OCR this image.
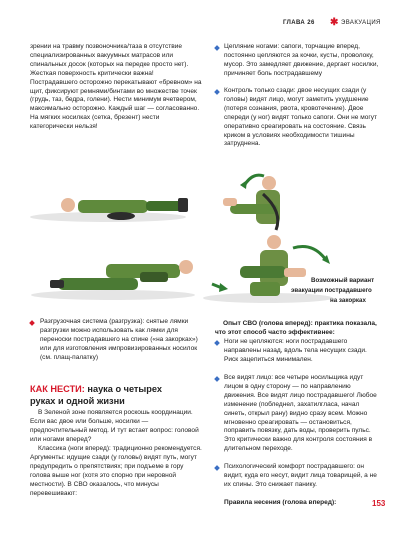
ГЛАВА 26 ✱ ЭВАКУАЦИЯ
зрении на травму позвоночника/таза в отсутствие специализированных вакуумных матрасов или спинальных досок (которых на передке просто нет). Жесткая поверхность критически важна! Пострадавшего осторожно перекатывают «бревном» на щит, фиксируют ремнями/бинтами во множестве точек (грудь, таз, бедра, голени). Нести минимум вчетвером, максимально осторожно. Каждый шаг — согласованно. На мягких носилках (сетка, брезент) нести категорически нельзя!
Цепляние ногами: сапоги, торчащие вперед, постоянно цепляются за кочки, кусты, проволоку, мусор. Это замедляет движение, дергает носилки, причиняет боль пострадавшему
Контроль только сзади: двое несущих сзади (у головы) видят лицо, могут заметить ухудшение (потеря сознания, рвота, кровотечение). Двое спереди (у ног) видят только сапоги. Они не могут оперативно среагировать на состояние. Связь криком в условиях необходимости тишины затруднена.
Возможный вариант
эвакуации пострадавшего
на закорках
Разгрузочная система (разгрузка): снятые лямки разгрузки можно использовать как лямки для переноски пострадавшего на спине («на закорках») или для изготовления импровизированных носилок (см. плащ-палатку)
КАК НЕСТИ: наука о четырех
руках и одной жизни
В Зеленой зоне появляется роскошь координации. Если вас двое или больше, носилки — предпочтительный метод. И тут встает вопрос: головой или ногами вперед?
Классика (ноги вперед): традиционно рекомендуется. Аргументы: идущие сзади (у головы) видят путь, могут предупредить о препятствиях; при подъеме в гору голова выше ног (хотя это спорно при неровной местности). В СВО оказалось, что минусы перевешивают:
Опыт СВО (голова вперед): практика показала, что этот способ часто эффективнее:
Ноги не цепляются: ноги пострадавшего направлены назад, вдоль тела несущих сзади. Риск зацепиться минимален.
Все видят лицо: все четыре носильщика идут лицом в одну сторону — по направлению движения. Все видят лицо пострадавшего! Любое изменение (побледнел, захатилгласа, начал синеть, открыл рану) видно сразу всем. Можно мгновенно среагировать — остановиться, поправить повязку, дать воды, проверить пульс. Это критически важно для контроля состояния в длительном переходе.
Психологический комфорт пострадавшего: он видит, куда его несут, видит лица товарищей, а не их спины. Это снижает панику.
Правила несения (голова вперед):	153
